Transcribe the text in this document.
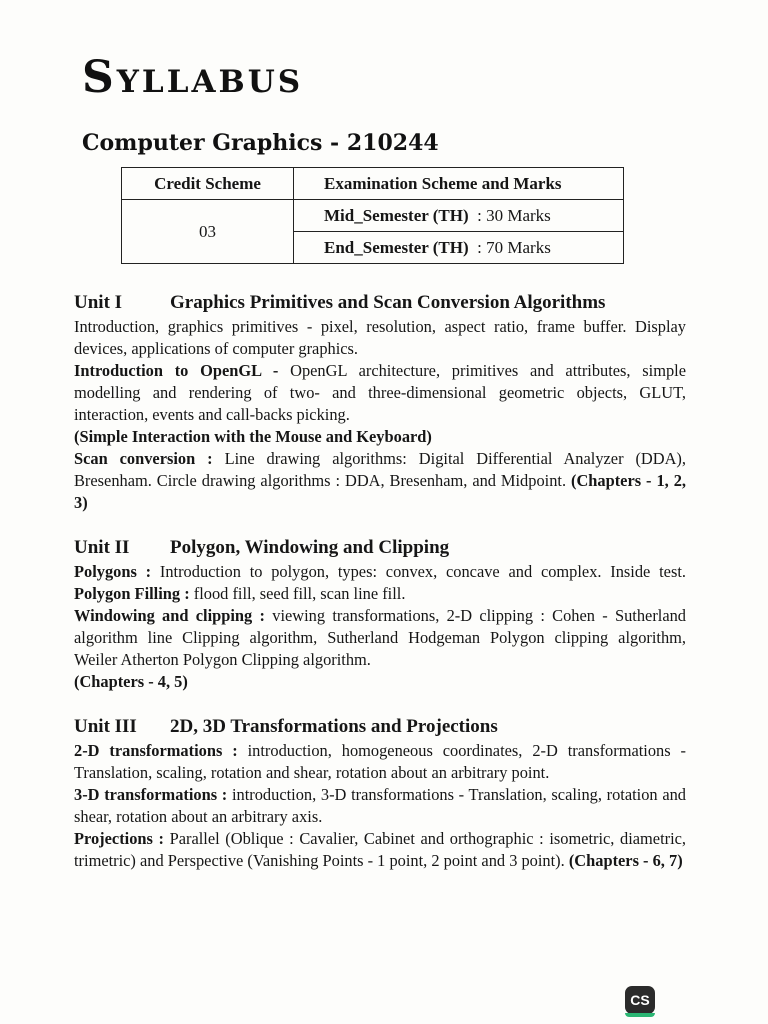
Syllabus
Computer Graphics - 210244
Credit Scheme	Examination Scheme and Marks
03	Mid_Semester (TH) : 30 Marks
	End_Semester (TH) : 70 Marks
Unit I	Graphics Primitives and Scan Conversion Algorithms

Introduction, graphics primitives - pixel, resolution, aspect ratio, frame buffer. Display devices, applications of computer graphics.

Introduction to OpenGL - OpenGL architecture, primitives and attributes, simple modelling and rendering of two- and three-dimensional geometric objects, GLUT, interaction, events and call-backs picking.

(Simple Interaction with the Mouse and Keyboard)

Scan conversion : Line drawing algorithms: Digital Differential Analyzer (DDA), Bresenham. Circle drawing algorithms : DDA, Bresenham, and Midpoint. (Chapters - 1, 2, 3)

Unit II Polygon, Windowing and Clipping

Polygons : Introduction to polygon, types: convex, concave and complex. Inside test. Polygon Filling : flood fill, seed fill, scan line fill.

Windowing and clipping : viewing transformations, 2-D clipping : Cohen - Sutherland algorithm line Clipping algorithm, Sutherland Hodgeman Polygon clipping algorithm, Weiler Atherton Polygon Clipping algorithm.

(Chapters - 4, 5)

Unit III 2D, 3D Transformations and Projections

2-D transformations : introduction, homogeneous coordinates, 2-D transformations - Translation, scaling, rotation and shear, rotation about an arbitrary point.

3-D transformations : introduction, 3-D transformations - Translation, scaling, rotation and shear, rotation about an arbitrary axis.

Projections : Parallel (Oblique : Cavalier, Cabinet and orthographic : isometric, diametric, trimetric) and Perspective (Vanishing Points - 1 point, 2 point and 3 point). (Chapters - 6, 7)

CS
